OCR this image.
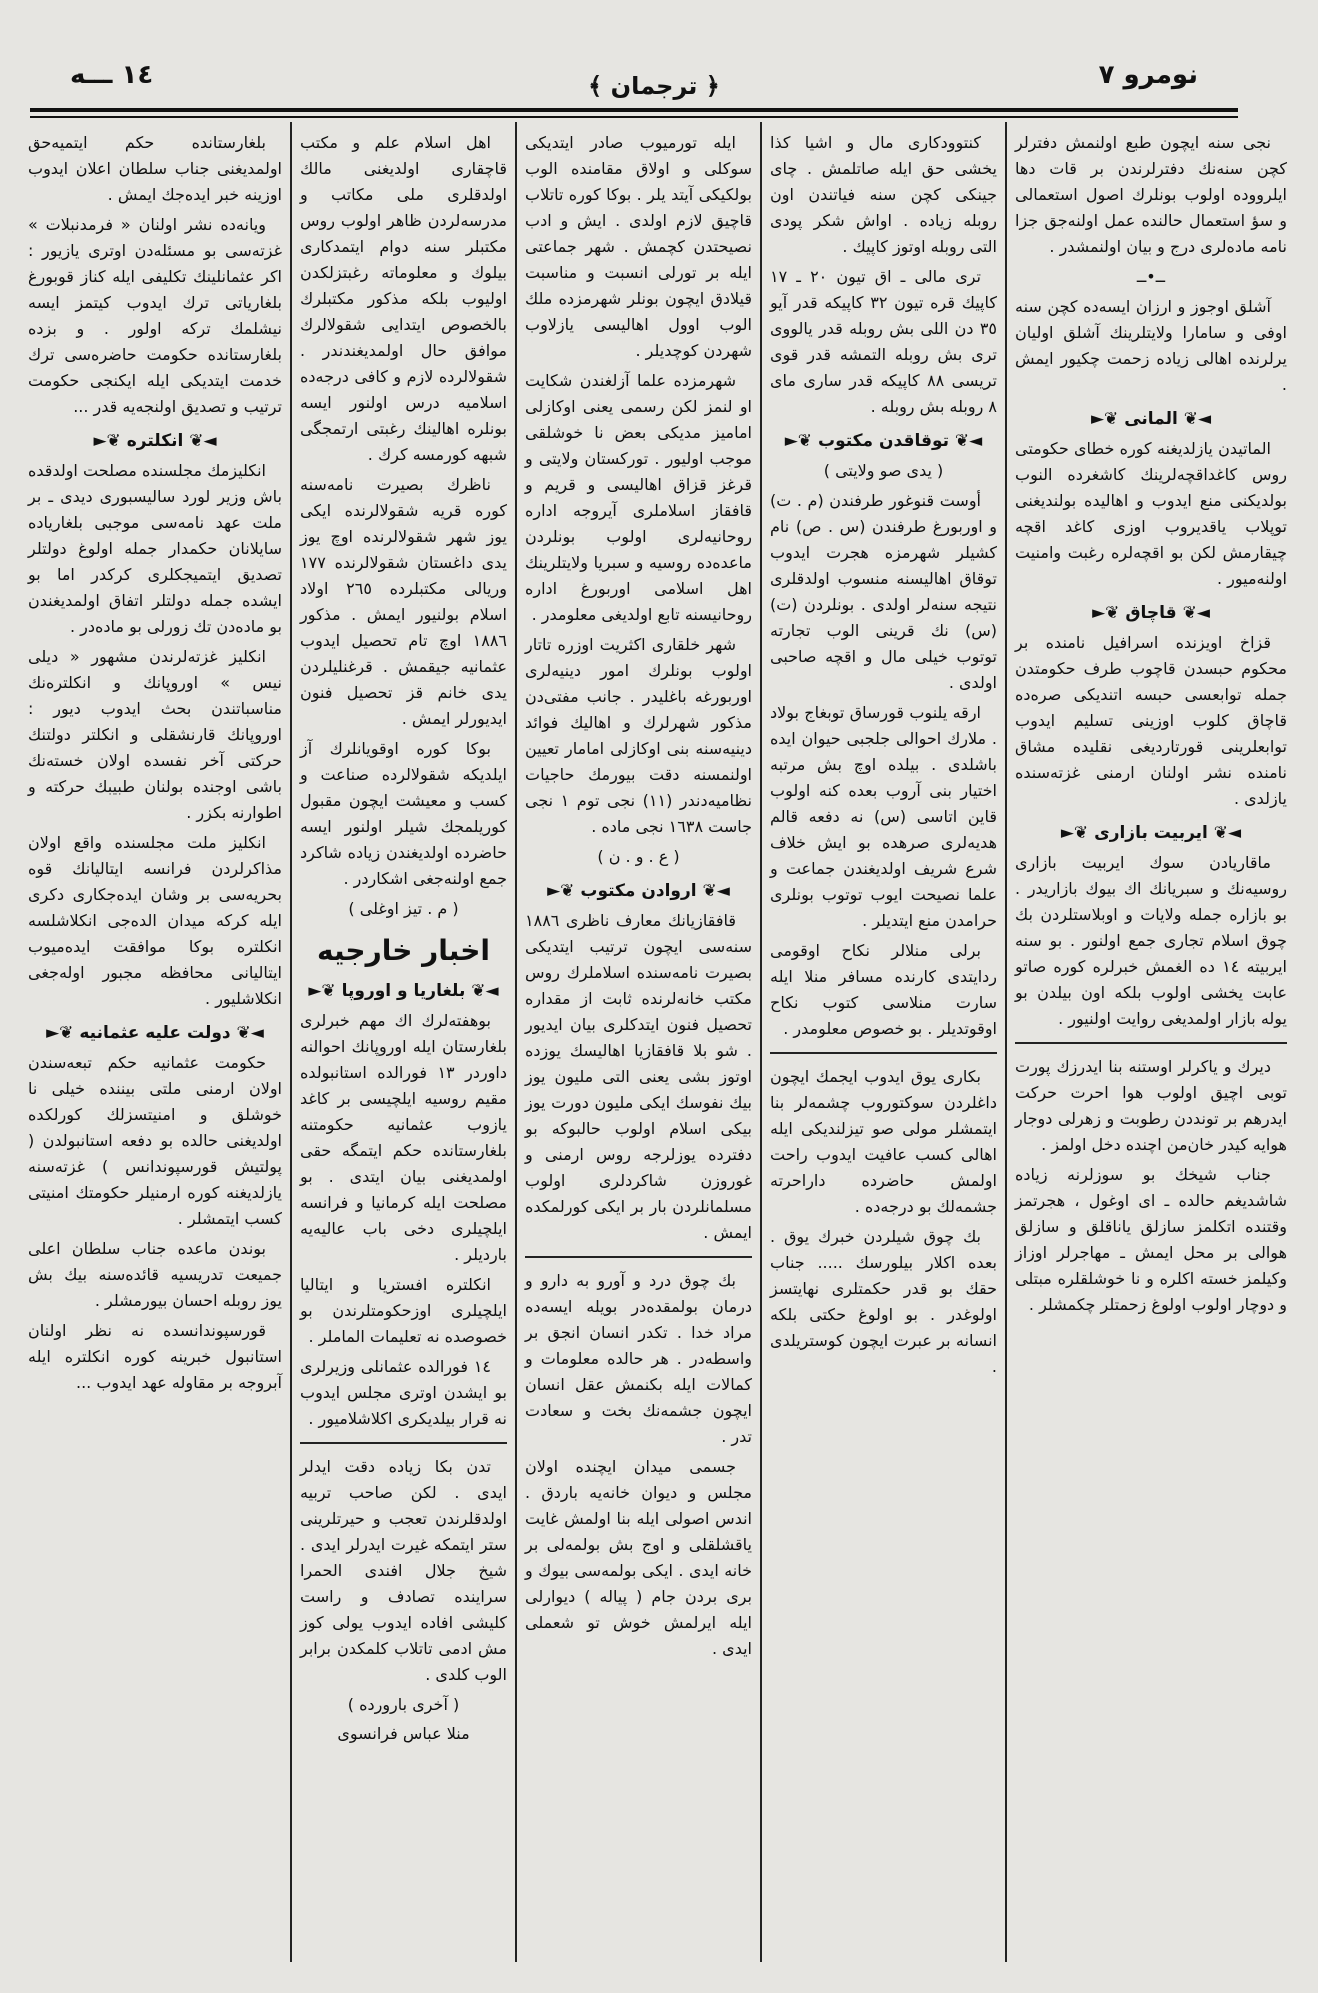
١٤ ـــه	﴾ ترجمان ﴿	نومرو ٧

نجی سنه ایچون طبع اولنمش دفترلر كچن سنه‌نك دفترلرندن بر قات دها ایلرووده اولوب بونلرك اصول استعمالی و سؤ استعمال حالنده عمل اولنه‌جق جزا نامه ماده‌لری درج و بیان اولنمشدر .

ــ•ــ

آشلق اوجوز و ارزان ایسه‌ده كچن سنه اوفی و سامارا ولایتلرینك آشلق اولیان یرلرنده اهالی زیاده زحمت چكیور ایمش .

◄❦ المانی ❦►

الماتیدن یازلدیغنه كوره خطای حكومتی روس كاغداقچه‌لرینك كاشغرده النوب بولدیكنی منع ایدوب و اهالیده بولندیغنی توپلاب یاقدیروب اوزی كاغد اقچه چیقارمش لكن بو اقچه‌لره رغبت وامنیت اولنه‌میور .

◄❦ قاچاق ❦►

قزاخ اویزنده اسرافیل نامنده بر محكوم حبسدن قاچوب طرف حكومتدن جمله توابعسی حبسه اتندیكی صره‌ده قاچاق كلوب اوزینی تسلیم ایدوب توابعلرینی قورتاردیغی نقلیده مشاق نامنده نشر اولنان ارمنی غزته‌سنده یازلدی .

◄❦ ایربیت بازاری ❦►

ماقاریادن سوك ایربیت بازاری روسیه‌نك و سبریانك اك بیوك بازاریدر . بو بازاره جمله ولایات و اوبلاستلردن بك چوق اسلام تجاری جمع اولنور . بو سنه ایربیته ١٤ ده الغمش خبرلره كوره صاتو عابت یخشی اولوب بلكه اون بیلدن بو یوله بازار اولمدیغی روایت اولنیور .

دیرك و یاكرلر اوستنه بنا ایدرزك پورت توبی اچیق اولوب هوا احرت حركت ایدرهم بر تونددن رطوبت و زهرلی دوجار هوایه كیدر خان‌من اچنده دخل اولمز .

جناب شیخك بو سوزلرنه زیاده شاشدیغم حالده ـ ای اوغول ، هجرتمز وقتنده اتكلمز سازلق یاناقلق و سازلق هوالی بر محل ایمش ـ مهاجرلر اوزاز وكیلمز خسته اكلره و نا خوشلقلره مبتلی و دوچار اولوب اولوغ زحمتلر چكمشلر .

كنتوودكاری مال و اشیا كذا یخشی حق ایله صاتلمش . چای جینكی كچن سنه فیاتندن اون روبله زیاده . اواش شكر پودی التی روبله اوتوز كاپیك .

تری مالی ـ اق تیون ٢٠ ـ ١٧ كاپیك قره تیون ٣٢ كاپیكه قدر آیو ٣٥ دن اللی بش روبله قدر یالووی تری بش روبله التمشه قدر قوی تریسی ٨٨ كاپیكه قدر ساری مای ٨ روبله بش روبله .

◄❦ توقاقدن مكتوب ❦►
( یدی صو ولایتی )

أوست قنوغور طرفندن (م . ت) و اوربورغ طرفندن (س . ص) نام كشیلر شهرمزه هجرت ایدوب توقاق اهالیسنه منسوب اولدقلری نتیجه سنه‌لر اولدی . بونلردن (ت) (س) نك قرینی الوب تجارته توتوب خیلی مال و اقچه صاحبی اولدی .

ارقه یلنوب قورساق توبغاج بولاد . ملارك احوالی جلجبی حیوان ایده باشلدی . بیلده اوچ بش مرتبه اختیار بنی آروب بعده كنه اولوب قاین اتاسی (س) نه دفعه قالم هدیه‌لری صرهده بو ایش خلاف شرع شریف اولدیغندن جماعت و علما نصیحت ایوب توتوب بونلری حرامدن منع ایتدیلر .

برلی منلالر نكاح اوقومی ردایتدی كارنده مسافر منلا ایله سارت منلاسی كتوب نكاح اوقوتدیلر . بو خصوص معلومدر .

بكاری یوق ایدوب ایجمك ایچون داغلردن سوكتوروب چشمه‌لر بنا ایتمشلر مولی صو تیزلندیكی ایله اهالی كسب عافیت ایدوب راحت اولمش حاضرده داراحرته جشمه‌لك بو درجه‌ده .

بك چوق شیلردن خبرك یوق . بعده اكلار بیلورسك ..... جناب حقك بو قدر حكمتلری نهایتسز اولوغدر . بو اولوغ حكتی بلكه انسانه بر عبرت ایچون كوستریلدی .

ایله تورمیوب صادر ایتدیكی سوكلی و اولاق مقامنده الوب بولكیكی آیتد یلر . بوكا كوره تاتلاب قاچیق لازم اولدی . ایش و ادب نصیحتدن كچمش . شهر جماعتی ایله بر تورلی انسبت و مناسبت قیلادق ایچون بونلر شهرمزده ملك الوب اوول اهالیسی یازلاوب شهردن كوچدیلر .

شهرمزده علما آزلغندن شكایت او لنمز لكن رسمی یعنی اوكازلی امامیز مدیكی بعض نا خوشلقی موجب اولیور . توركستان ولایتی و قرغز قزاق اهالیسی و قریم و قافقاز اسلاملری آیروجه اداره روحانیه‌لری اولوب بونلردن ماعده‌ده روسیه و سبریا ولایتلرینك اهل اسلامی اوربورغ اداره روحانیسنه تابع اولدیغی معلومدر .

شهر خلقاری اكثریت اوزره تاتار اولوب بونلرك امور دینیه‌لری اوربورغه باغلیدر . جانب مفتی‌دن مذكور شهرلرك و اهالیك فوائد دینیه‌سنه بنی اوكازلی امامار تعیین اولنمسنه دقت بیورمك حاجیات نظامیه‌دندر (١١) نجی توم ١ نجی جاست ١٦٣٨ نجی ماده .

( ع . و . ن )
◄❦ اروادن مكتوب ❦►

قافقازیانك معارف ناظری ١٨٨٦ سنه‌سی ایچون ترتیب ایتدیكی بصیرت نامه‌سنده اسلاملرك روس مكتب خانه‌لرنده ثابت از مقداره تحصیل فنون ایتدكلری بیان ایدیور . شو بلا قافقازیا اهالیسك یوزده اوتوز بشی یعنی التی ملیون یوز بیك نفوسك ایكی ملیون دورت یوز بیكی اسلام اولوب حالبوكه بو دفترده یوزلرجه روس ارمنی و غوروزن شاكردلری اولوب مسلمانلردن بار بر ایكی كورلمكده ایمش .

بك چوق درد و آورو به دارو و درمان بولمقده‌در بویله ایسه‌ده مراد خدا . تكدر انسان انجق بر واسطه‌در . هر حالده معلومات و كمالات ایله بكنمش عقل انسان ایچون جشمه‌نك بخت و سعادت تدر .

جسمی میدان ایچنده اولان مجلس و دیوان خانه‌یه باردق . اندس اصولی ایله بنا اولمش غایت یاقشلقلی و اوج بش بولمه‌لی بر خانه ایدی . ایكی بولمه‌سی بیوك و بری بردن جام ( پیاله ) دیوارلی ایله ایرلمش خوش تو شعملی ایدی .

اهل اسلام علم و مكتب قاچقاری اولدیغنی مالك اولدقلری ملی مكاتب و مدرسه‌لردن ظاهر اولوب روس مكتبلر سنه دوام ایتمدكاری بیلوك و معلوماته رغبتزلكدن اولیوب بلكه مذكور مكتبلرك بالخصوص ایتدایی شقولالرك موافق حال اولمدیغندندر . شقولالرده لازم و كافی درجه‌ده اسلامیه درس اولنور ایسه بونلره اهالینك رغبتی ارتمجگی شبهه كورمسه كرك .

ناظرك بصیرت نامه‌سنه كوره قریه شقولالرنده ایكی یوز شهر شقولالرنده اوچ یوز یدی داغستان شقولالرنده ١٧٧ وریالی مكتبلرده ٢٦٥ اولاد اسلام بولنیور ایمش . مذكور ١٨٨٦ اوچ تام تحصیل ایدوب عثمانیه جیقمش . قرغنلیلردن یدی خانم قز تحصیل فنون ایدیورلر ایمش .

بوكا كوره اوقویانلرك آز ایلدیكه شقولالرده صناعت و كسب و معیشت ایچون مقبول كوریلمجك شیلر اولنور ایسه حاضرده اولدیغندن زیاده شاكرد جمع اولنه‌جغی اشكاردر .

( م . تیز اوغلی )
اخبار خارجیه
◄❦ بلغاریا و اوروپا ❦►

بوهفته‌لرك اك مهم خبرلری بلغارستان ایله اوروپانك احوالنه داوردر ١٣ فورالده استانبولده مقیم روسیه ایلچیسی بر كاغد یازوب عثمانیه حكومتنه بلغارستانده حكم ایتمگه حقی اولمدیغنی بیان ایتدی . بو مصلحت ایله كرمانیا و فرانسه ایلچیلری دخی باب عالیه‌یه باردیلر .

انكلتره افستریا و ایتالیا ایلچیلری اوزحكومتلرندن بو خصوصده نه تعلیمات الماملر .

١٤ فورالده عثمانلی وزیرلری بو ایشدن اوتری مجلس ایدوب نه قرار بیلدیكری اكلاشلامیور .

تدن بكا زیاده دقت ایدلر ایدی . لكن صاحب تربیه اولدقلرندن تعجب و حیرتلرینی ستر ایتمكه غیرت ایدرلر ایدی . شیخ جلال افندی الحمرا سراینده تصادف و راست كلیشی افاده ایدوب یولی كوز مش ادمی تاتلاب كلمكدن برابر الوب كلدی .

( آخری بارورده )
منلا عباس فرانسوی

بلغارستانده حكم ایتمیه‌حق اولمدیغنی جناب سلطان اعلان ایدوب اوزینه خبر ایده‌جك ایمش .

ویانه‌ده نشر اولنان « فرمدنبلات » غزته‌سی بو مسئله‌دن اوتری یازیور : اكر عثمانلینك تكلیفی ایله كناز قوبورغ بلغاریاتی ترك ایدوب كیتمز ایسه نیشلمك تركه اولور . و بزده بلغارستانده حكومت حاضره‌سی ترك خدمت ایتدیكی ایله ایكنجی حكومت ترتیب و تصدیق اولنجه‌یه قدر ...

◄❦ انكلتره ❦►

انكلیزمك مجلسنده مصلحت اولدقده باش وزیر لورد سالیسبوری دیدی ـ بر ملت عهد نامه‌سی موجبی بلغاریاده سایلانان حكمدار جمله اولوغ دولتلر تصدیق ایتمیجكلری كركدر اما بو ایشده جمله دولتلر اتفاق اولمدیغندن بو ماده‌دن تك زورلی بو ماده‌در .

انكلیز غزته‌لرندن مشهور « دیلی نیس » اوروپانك و انكلتره‌نك مناسباتندن بحث ایدوب دیور : اوروپانك قارنشقلی و انكلتر دولتنك حركتی آخر نفسده اولان خسته‌نك باشی اوجنده بولنان طبیبك حركته و اطوارنه بكزر .

انكلیز ملت مجلسنده واقع اولان مذاكرلردن فرانسه ایتالیانك قوه بحریه‌سی بر وشان ایده‌جكاری دكری ایله كركه میدان الده‌جی انكلاشلسه انكلتره بوكا موافقت ایده‌میوب ایتالیانی محافظه مجبور اوله‌جغی انكلاشلیور .

◄❦ دولت علیه عثمانیه ❦►

حكومت عثمانیه حكم تبعه‌سندن اولان ارمنی ملتی بیننده خیلی نا خوشلق و امنیتسزلك كورلكده اولدیغنی حالده بو دفعه استانبولدن ( پولتیش قورسپوندانس ) غزته‌سنه یازلدیغنه كوره ارمنیلر حكومتك امنیتی كسب ایتمشلر .

بوندن ماعده جناب سلطان اعلی جمیعت تدریسیه قائده‌سنه بیك بش یوز روبله احسان بیورمشلر .

قورسپوندانسده نه نظر اولنان استانبول خبرینه كوره انكلتره ایله آبروجه بر مقاوله عهد ایدوب ...
